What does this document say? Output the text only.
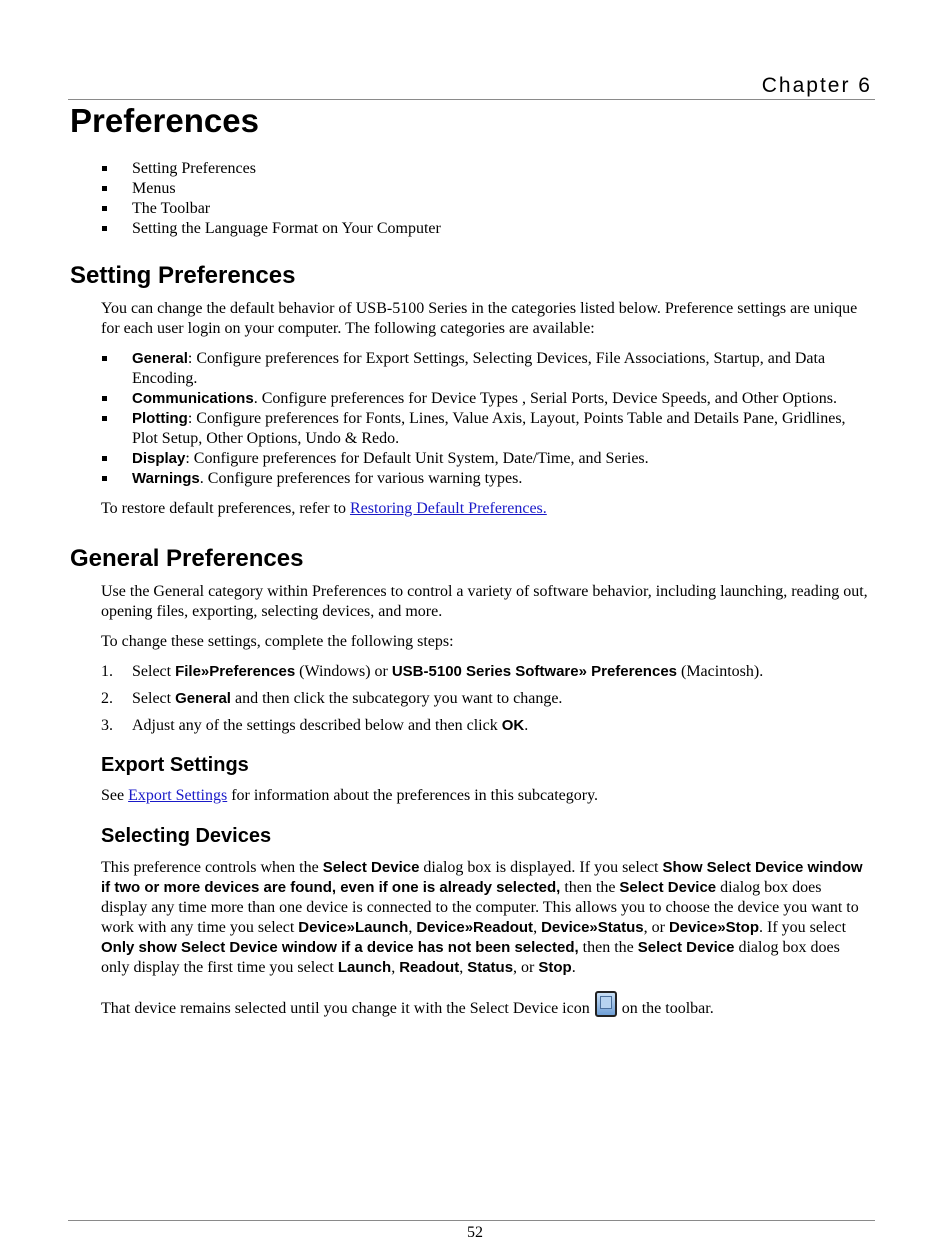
Chapter 6
Preferences
Setting Preferences
Menus
The Toolbar
Setting the Language Format on Your Computer
Setting Preferences

You can change the default behavior of USB-5100 Series in the categories listed below. Preference settings are unique for each user login on your computer. The following categories are available:

General: Configure preferences for Export Settings, Selecting Devices, File Associations, Startup, and Data Encoding.
Communications. Configure preferences for Device Types , Serial Ports, Device Speeds, and Other Options.
Plotting: Configure preferences for Fonts, Lines, Value Axis, Layout, Points Table and Details Pane, Gridlines, Plot Setup, Other Options, Undo & Redo.
Display: Configure preferences for Default Unit System, Date/Time, and Series.
Warnings. Configure preferences for various warning types.

To restore default preferences, refer to Restoring Default Preferences.

General Preferences

Use the General category within Preferences to control a variety of software behavior, including launching, reading out, opening files, exporting, selecting devices, and more.

To change these settings, complete the following steps:

1. Select File»Preferences (Windows) or USB-5100 Series Software» Preferences (Macintosh).
2. Select General and then click the subcategory you want to change.
3. Adjust any of the settings described below and then click OK.
Export Settings

See Export Settings for information about the preferences in this subcategory.

Selecting Devices

This preference controls when the Select Device dialog box is displayed. If you select Show Select Device window if two or more devices are found, even if one is already selected, then the Select Device dialog box does display any time more than one device is connected to the computer. This allows you to choose the device you want to work with any time you select Device»Launch, Device»Readout, Device»Status, or Device»Stop. If you select Only show Select Device window if a device has not been selected, then the Select Device dialog box does only display the first time you select Launch, Readout, Status, or Stop.

That device remains selected until you change it with the Select Device icon  on the toolbar.

52
